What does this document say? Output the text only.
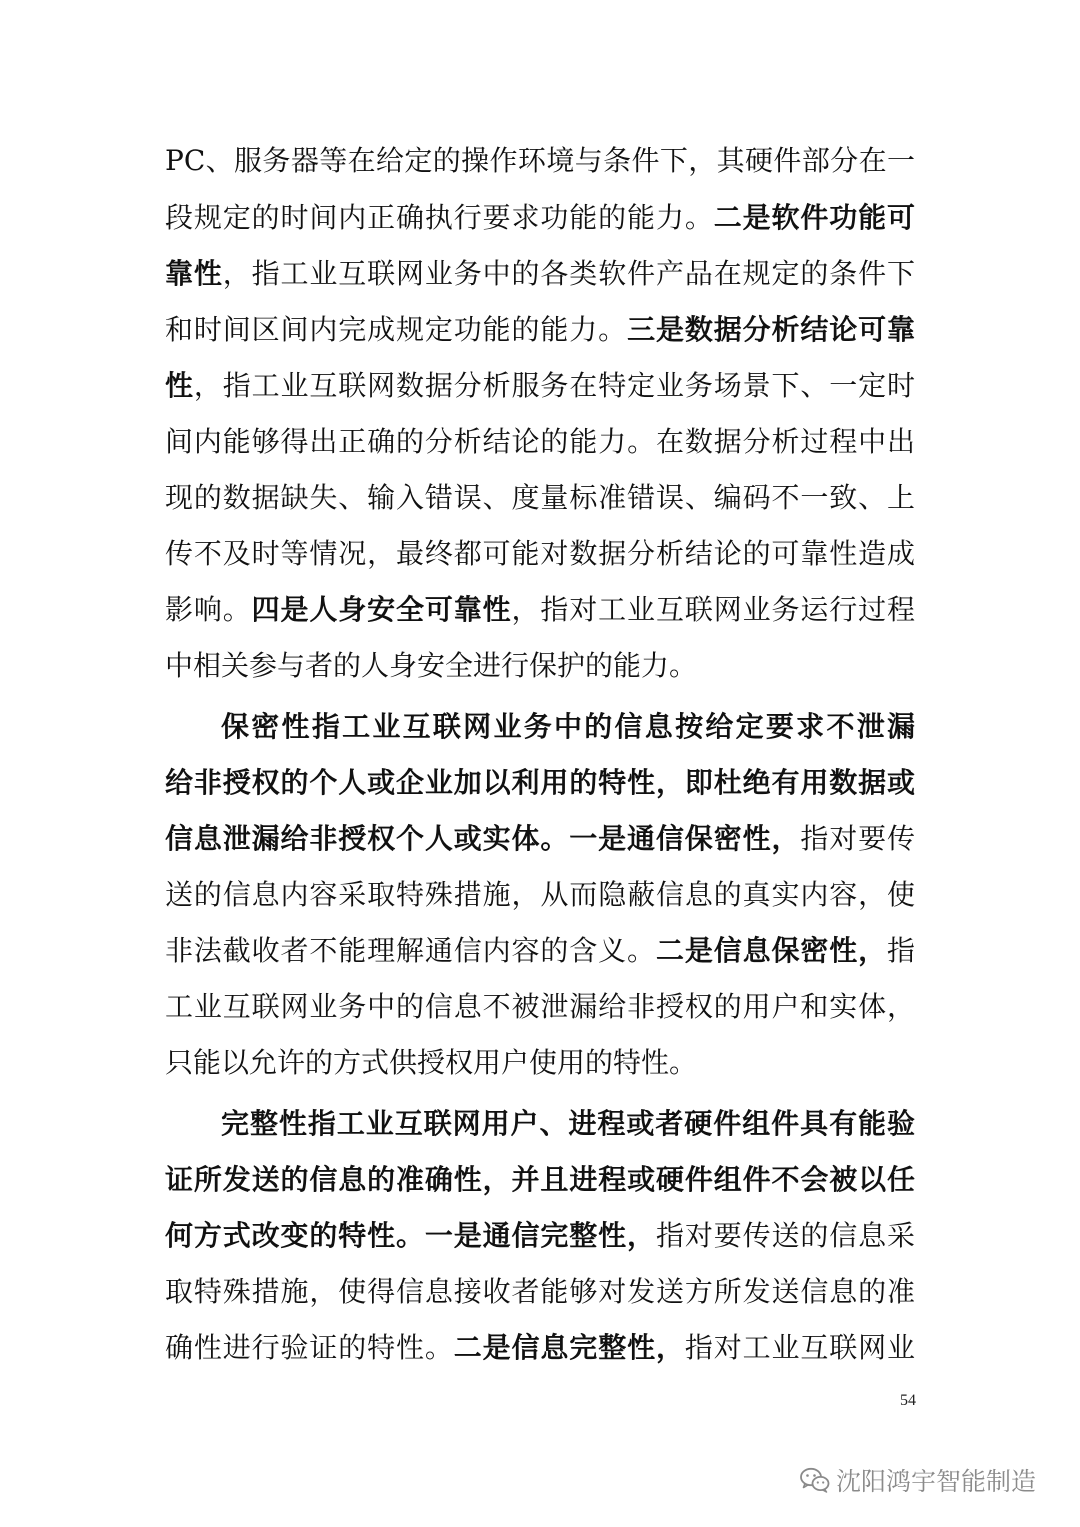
PC、服务器等在给定的操作环境与条件下，其硬件部分在一
段规定的时间内正确执行要求功能的能力。二是软件功能可
靠性，指工业互联网业务中的各类软件产品在规定的条件下
和时间区间内完成规定功能的能力。三是数据分析结论可靠
性，指工业互联网数据分析服务在特定业务场景下、一定时
间内能够得出正确的分析结论的能力。在数据分析过程中出
现的数据缺失、输入错误、度量标准错误、编码不一致、上
传不及时等情况，最终都可能对数据分析结论的可靠性造成
影响。四是人身安全可靠性，指对工业互联网业务运行过程
中相关参与者的人身安全进行保护的能力。
保密性指工业互联网业务中的信息按给定要求不泄漏
给非授权的个人或企业加以利用的特性，即杜绝有用数据或
信息泄漏给非授权个人或实体。一是通信保密性，指对要传
送的信息内容采取特殊措施，从而隐蔽信息的真实内容，使
非法截收者不能理解通信内容的含义。二是信息保密性，指
工业互联网业务中的信息不被泄漏给非授权的用户和实体，
只能以允许的方式供授权用户使用的特性。
完整性指工业互联网用户、进程或者硬件组件具有能验
证所发送的信息的准确性，并且进程或硬件组件不会被以任
何方式改变的特性。一是通信完整性，指对要传送的信息采
取特殊措施，使得信息接收者能够对发送方所发送信息的准
确性进行验证的特性。二是信息完整性，指对工业互联网业
54
沈阳鸿宇智能制造
